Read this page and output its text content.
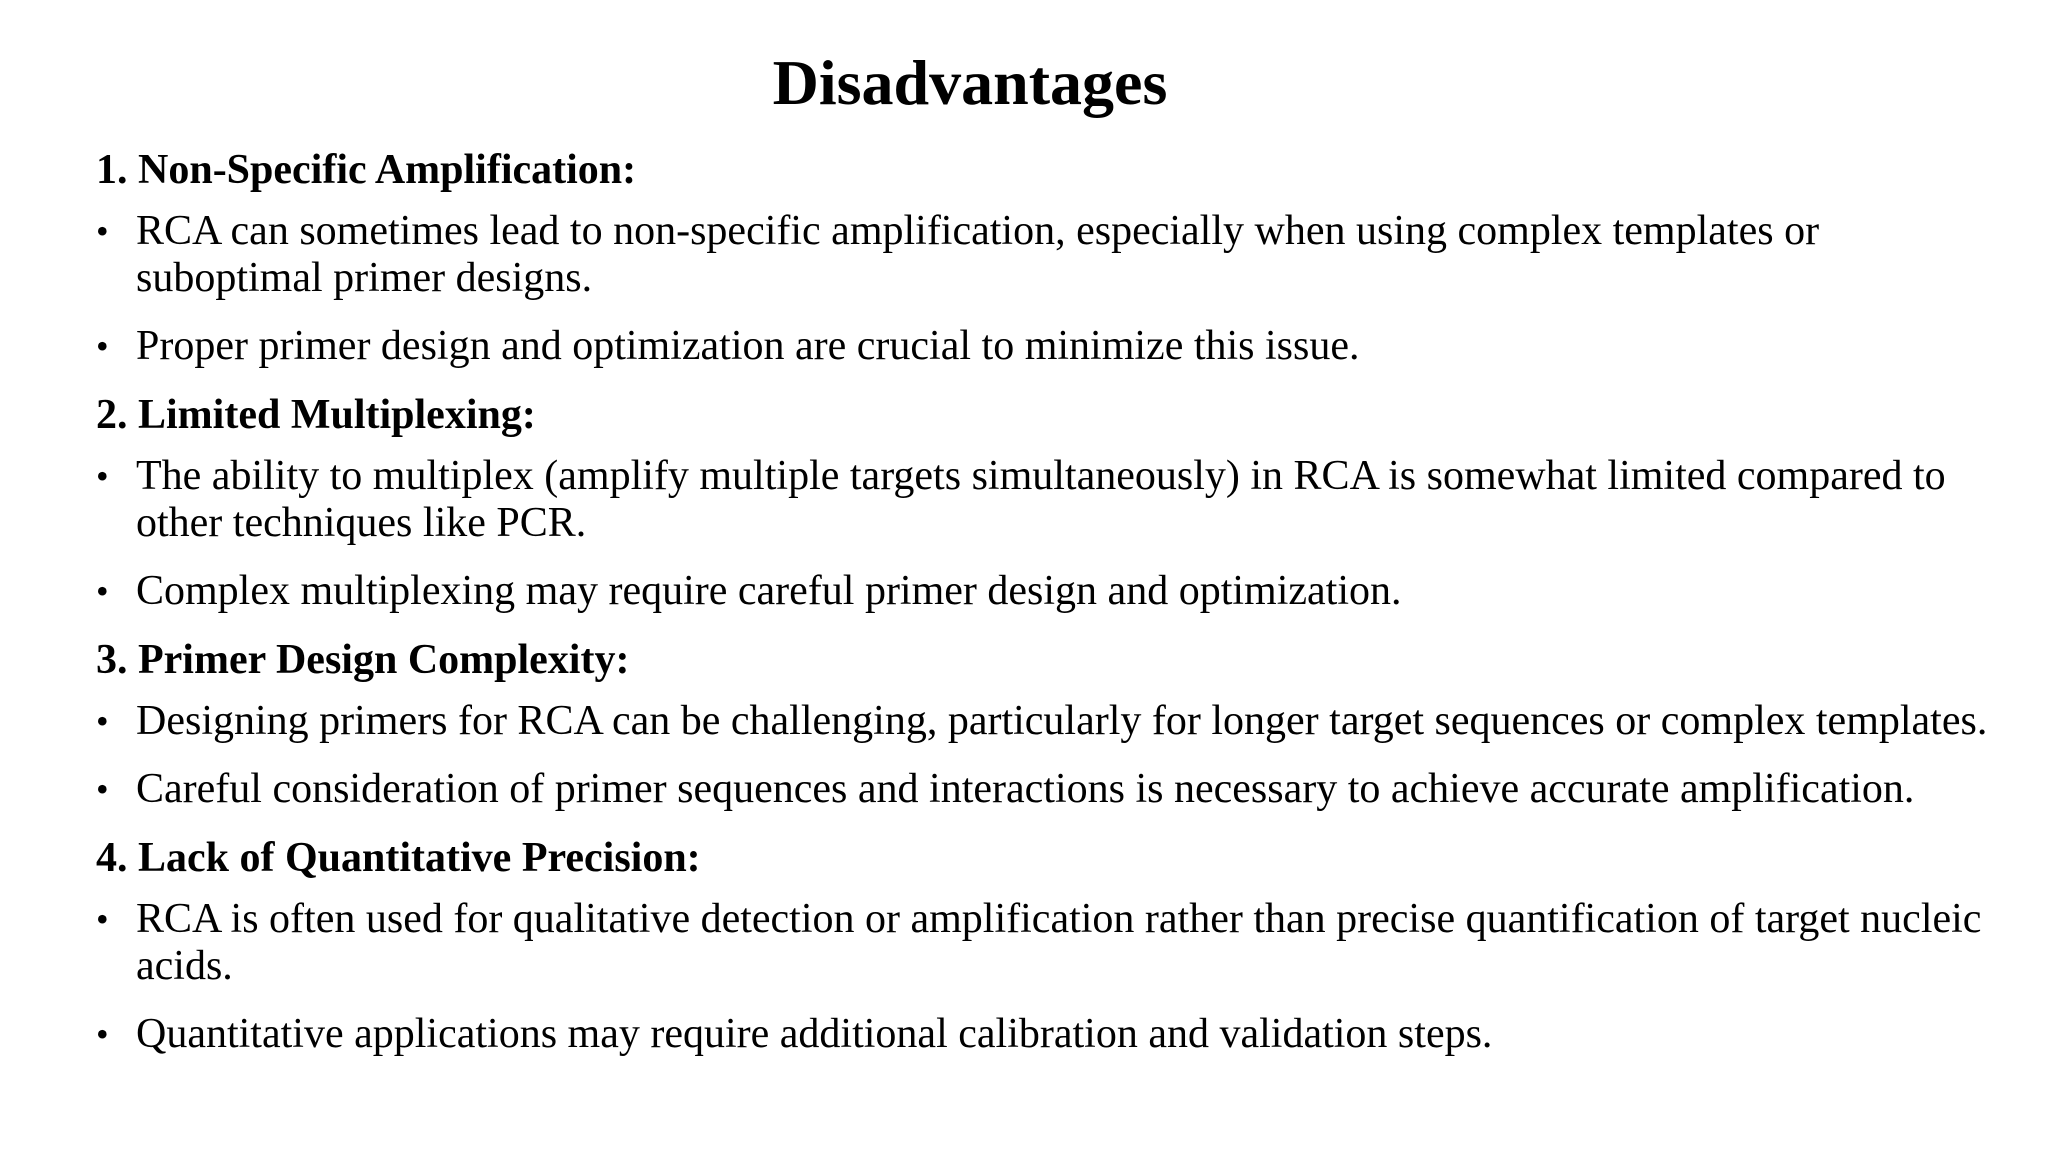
Disadvantages
1. Non-Specific Amplification:
• RCA can sometimes lead to non-specific amplification, especially when using complex templates or suboptimal primer designs.
• Proper primer design and optimization are crucial to minimize this issue.
2. Limited Multiplexing:
• The ability to multiplex (amplify multiple targets simultaneously) in RCA is somewhat limited compared to other techniques like PCR.
• Complex multiplexing may require careful primer design and optimization.
3. Primer Design Complexity:
• Designing primers for RCA can be challenging, particularly for longer target sequences or complex templates.
• Careful consideration of primer sequences and interactions is necessary to achieve accurate amplification.
4. Lack of Quantitative Precision:
• RCA is often used for qualitative detection or amplification rather than precise quantification of target nucleic acids.
• Quantitative applications may require additional calibration and validation steps.
